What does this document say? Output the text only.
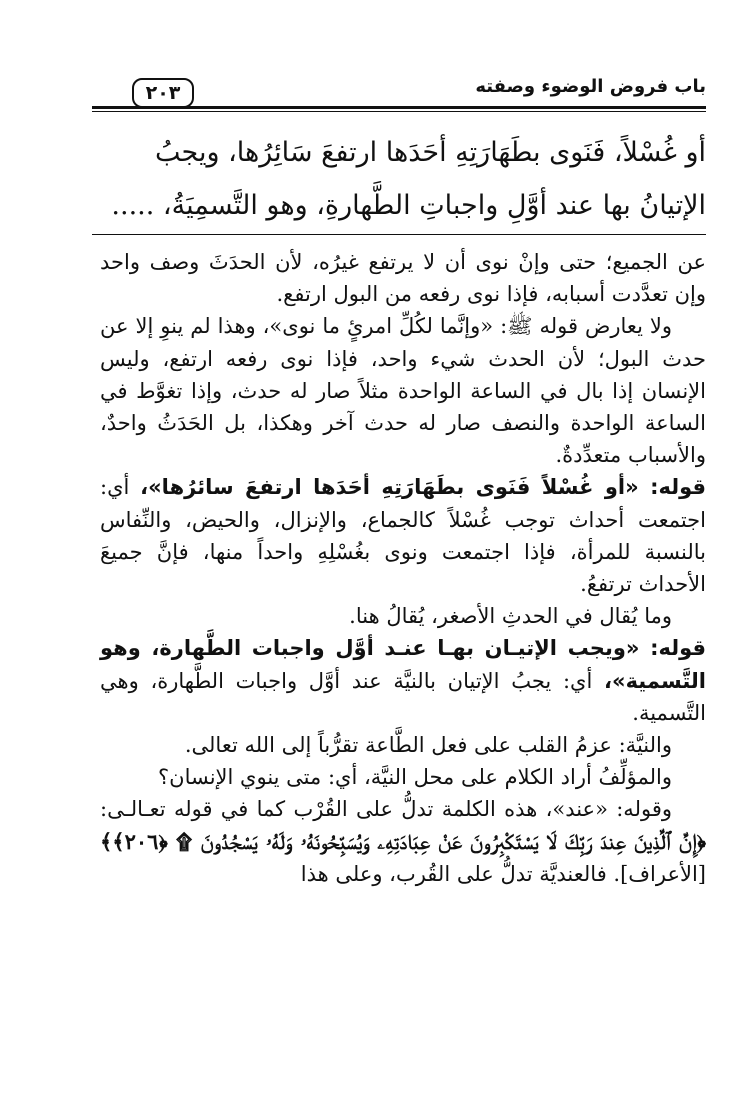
٢٠٣	باب فروض الوضوء وصفته

أو غُسْلاً، فَنَوى بطَهَارَتِهِ أحَدَها ارتفعَ سَائِرُها، ويجبُ

الإتيانُ بها عند أوَّلِ واجباتِ الطَّهارةِ، وهو التَّسمِيَةُ، .....

عن الجميع؛ حتى وإنْ نوى أن لا يرتفع غيرُه، لأن الحدَثَ وصف واحد وإن تعدَّدت أسبابه، فإذا نوى رفعه من البول ارتفع.

ولا يعارض قوله ﷺ: «وإنَّما لكُلِّ امرئٍ ما نوى»، وهذا لم ينوِ إلا عن حدث البول؛ لأن الحدث شيء واحد، فإذا نوى رفعه ارتفع، وليس الإنسان إذا بال في الساعة الواحدة مثلاً صار له حدث، وإذا تغوَّط في الساعة الواحدة والنصف صار له حدث آخر وهكذا، بل الحَدَثُ واحدٌ، والأسباب متعدِّدةٌ.

قوله: «أو غُسْلاً فَنَوى بطَهَارَتِهِ أحَدَها ارتفعَ سائرُها»، أي: اجتمعت أحداث توجب غُسْلاً كالجماع، والإنزال، والحيض، والنِّفاس بالنسبة للمرأة، فإذا اجتمعت ونوى بغُسْلِهِ واحداً منها، فإنَّ جميعَ الأحداث ترتفعُ.

وما يُقال في الحدثِ الأصغر، يُقالُ هنا.

قوله: «ويجب الإتيـان بهـا عنـد أوَّل واجبات الطَّهارة، وهو التَّسمية»، أي: يجبُ الإتيان بالنيَّة عند أوَّل واجبات الطَّهارة، وهي التَّسمية.

والنيَّة: عزمُ القلب على فعل الطَّاعة تقرُّباً إلى الله تعالى.

والمؤلِّفُ أراد الكلام على محل النيَّة، أي: متى ينوي الإنسان؟

وقوله: «عند»، هذه الكلمة تدلُّ على القُرْب كما في قوله تعـالـى: ﴿إِنَّ ٱلَّذِينَ عِندَ رَبِّكَ لَا يَسْتَكْبِرُونَ عَنْ عِبَادَتِهِۦ وَيُسَبِّحُونَهُۥ وَلَهُۥ يَسْجُدُونَ ۩ ﴿٢٠٦﴾﴾ [الأعراف]. فالعنديَّة تدلُّ على القُرب، وعلى هذا
